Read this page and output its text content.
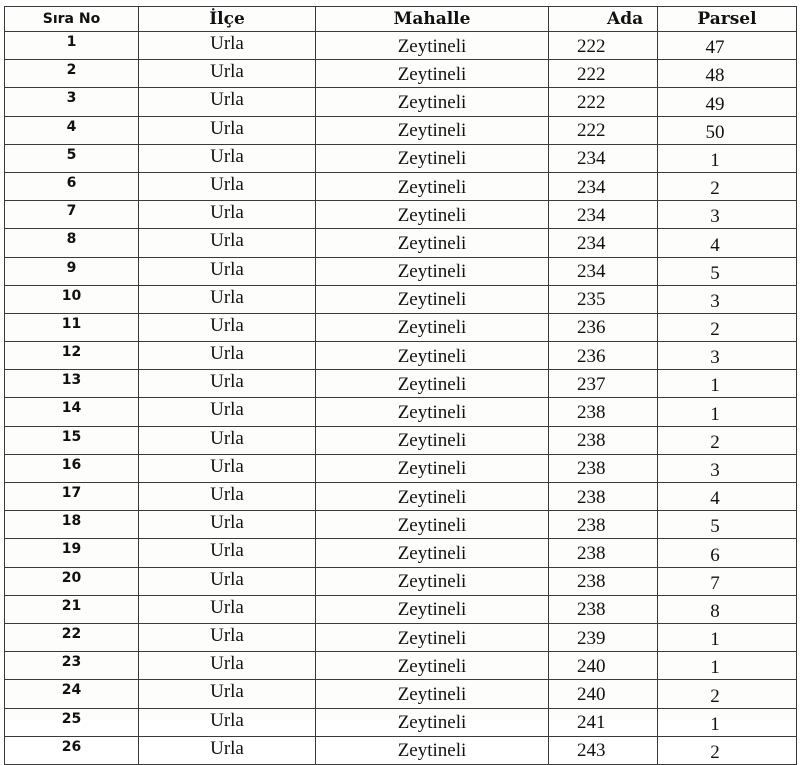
Sıra No	İlçe	Mahalle	Ada	Parsel
1	Urla	Zeytineli	222	47
2	Urla	Zeytineli	222	48
3	Urla	Zeytineli	222	49
4	Urla	Zeytineli	222	50
5	Urla	Zeytineli	234	1
6	Urla	Zeytineli	234	2
7	Urla	Zeytineli	234	3
8	Urla	Zeytineli	234	4
9	Urla	Zeytineli	234	5
10	Urla	Zeytineli	235	3
11	Urla	Zeytineli	236	2
12	Urla	Zeytineli	236	3
13	Urla	Zeytineli	237	1
14	Urla	Zeytineli	238	1
15	Urla	Zeytineli	238	2
16	Urla	Zeytineli	238	3
17	Urla	Zeytineli	238	4
18	Urla	Zeytineli	238	5
19	Urla	Zeytineli	238	6
20	Urla	Zeytineli	238	7
21	Urla	Zeytineli	238	8
22	Urla	Zeytineli	239	1
23	Urla	Zeytineli	240	1
24	Urla	Zeytineli	240	2
25	Urla	Zeytineli	241	1
26	Urla	Zeytineli	243	2
